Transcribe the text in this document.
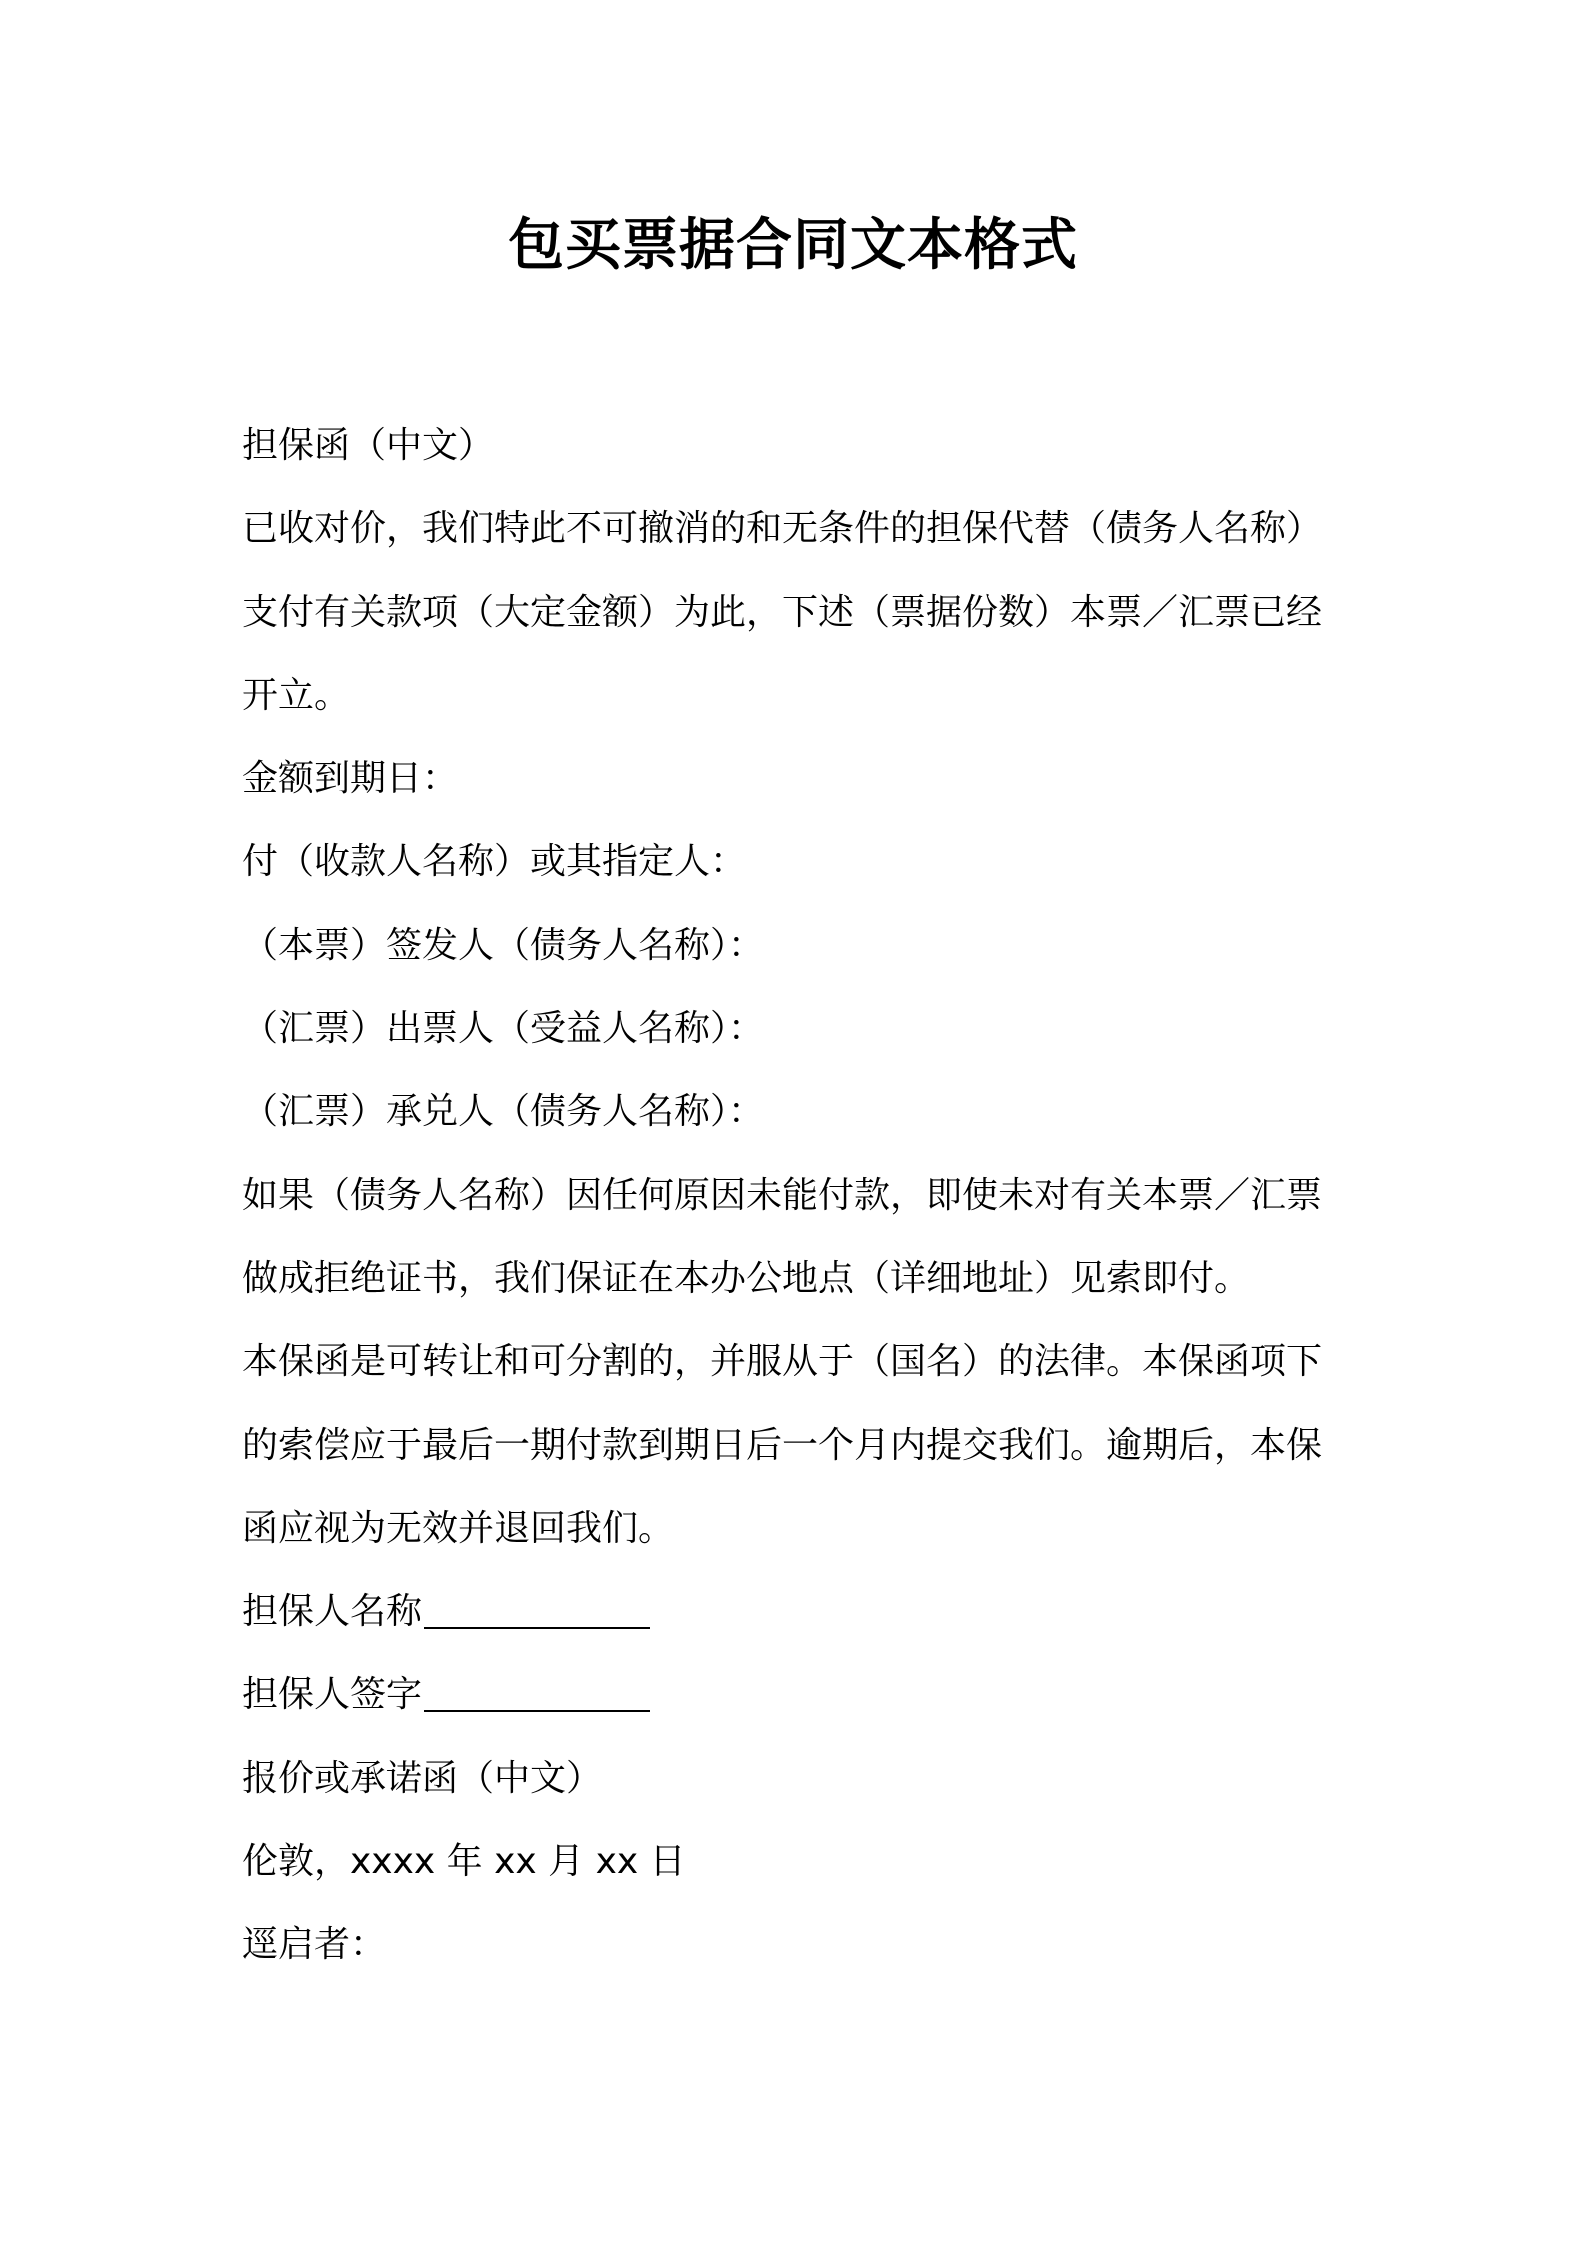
包买票据合同文本格式
担保函（中文）
已收对价，我们特此不可撤消的和无条件的担保代替（债务人名称）
支付有关款项（大定金额）为此，下述（票据份数）本票／汇票已经
开立。
金额到期日：
付（收款人名称）或其指定人：
（本票）签发人（债务人名称）：
（汇票）出票人（受益人名称）：
（汇票）承兑人（债务人名称）：
如果（债务人名称）因任何原因未能付款，即使未对有关本票／汇票
做成拒绝证书，我们保证在本办公地点（详细地址）见索即付。
本保函是可转让和可分割的，并服从于（国名）的法律。本保函项下
的索偿应于最后一期付款到期日后一个月内提交我们。逾期后，本保
函应视为无效并退回我们。
担保人名称
担保人签字
报价或承诺函（中文）
伦敦，xxxx 年 xx 月 xx 日
逕启者：
